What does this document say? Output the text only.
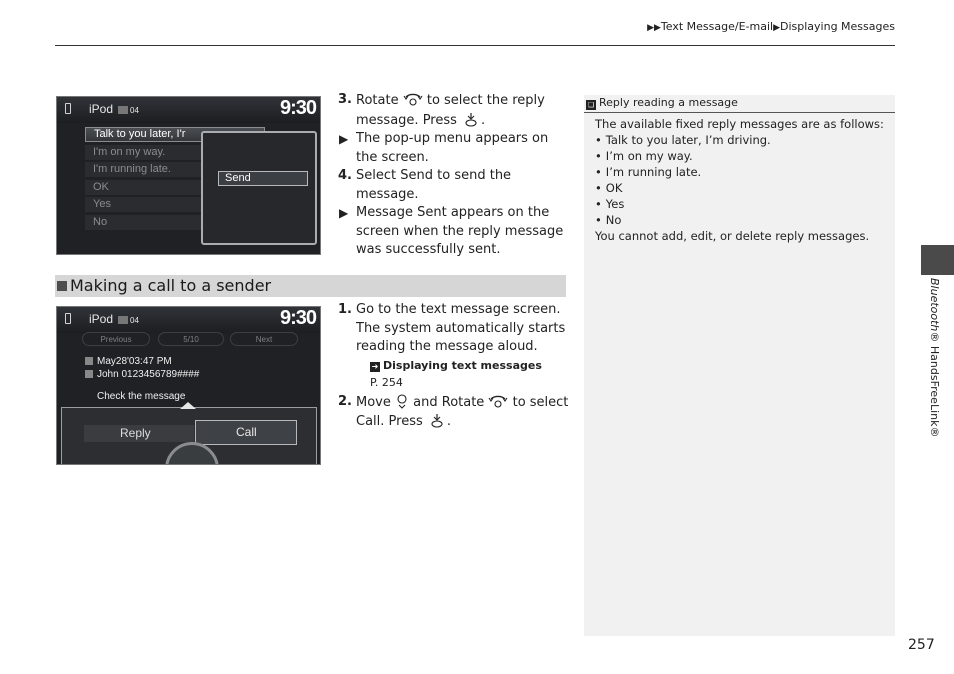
▶▶Text Message/E-mail▶Displaying Messages
iPod	04	9:30
Talk to you later, I'r
I'm on my way.
I'm running late.
OK
Yes
No
Send
3. Rotate to select the reply message. Press .
▶ The pop-up menu appears on the screen.
4. Select Send to send the message.
▶ Message Sent appears on the screen when the reply message was successfully sent.
Making a call to a sender
iPod	04	9:30
Previous	5/10	Next
May28'03:47 PM
John 0123456789####
Check the message
Reply	Call
1. Go to the text message screen. The system automatically starts reading the message aloud.
➜ Displaying text messages
P. 254
2. Move and Rotate to select Call. Press .
❏ Reply reading a message
The available fixed reply messages are as follows:
• Talk to you later, I’m driving.
• I’m on my way.
• I’m running late.
• OK
• Yes
• No
You cannot add, edit, or delete reply messages.
Bluetooth® HandsFreeLink®
257
